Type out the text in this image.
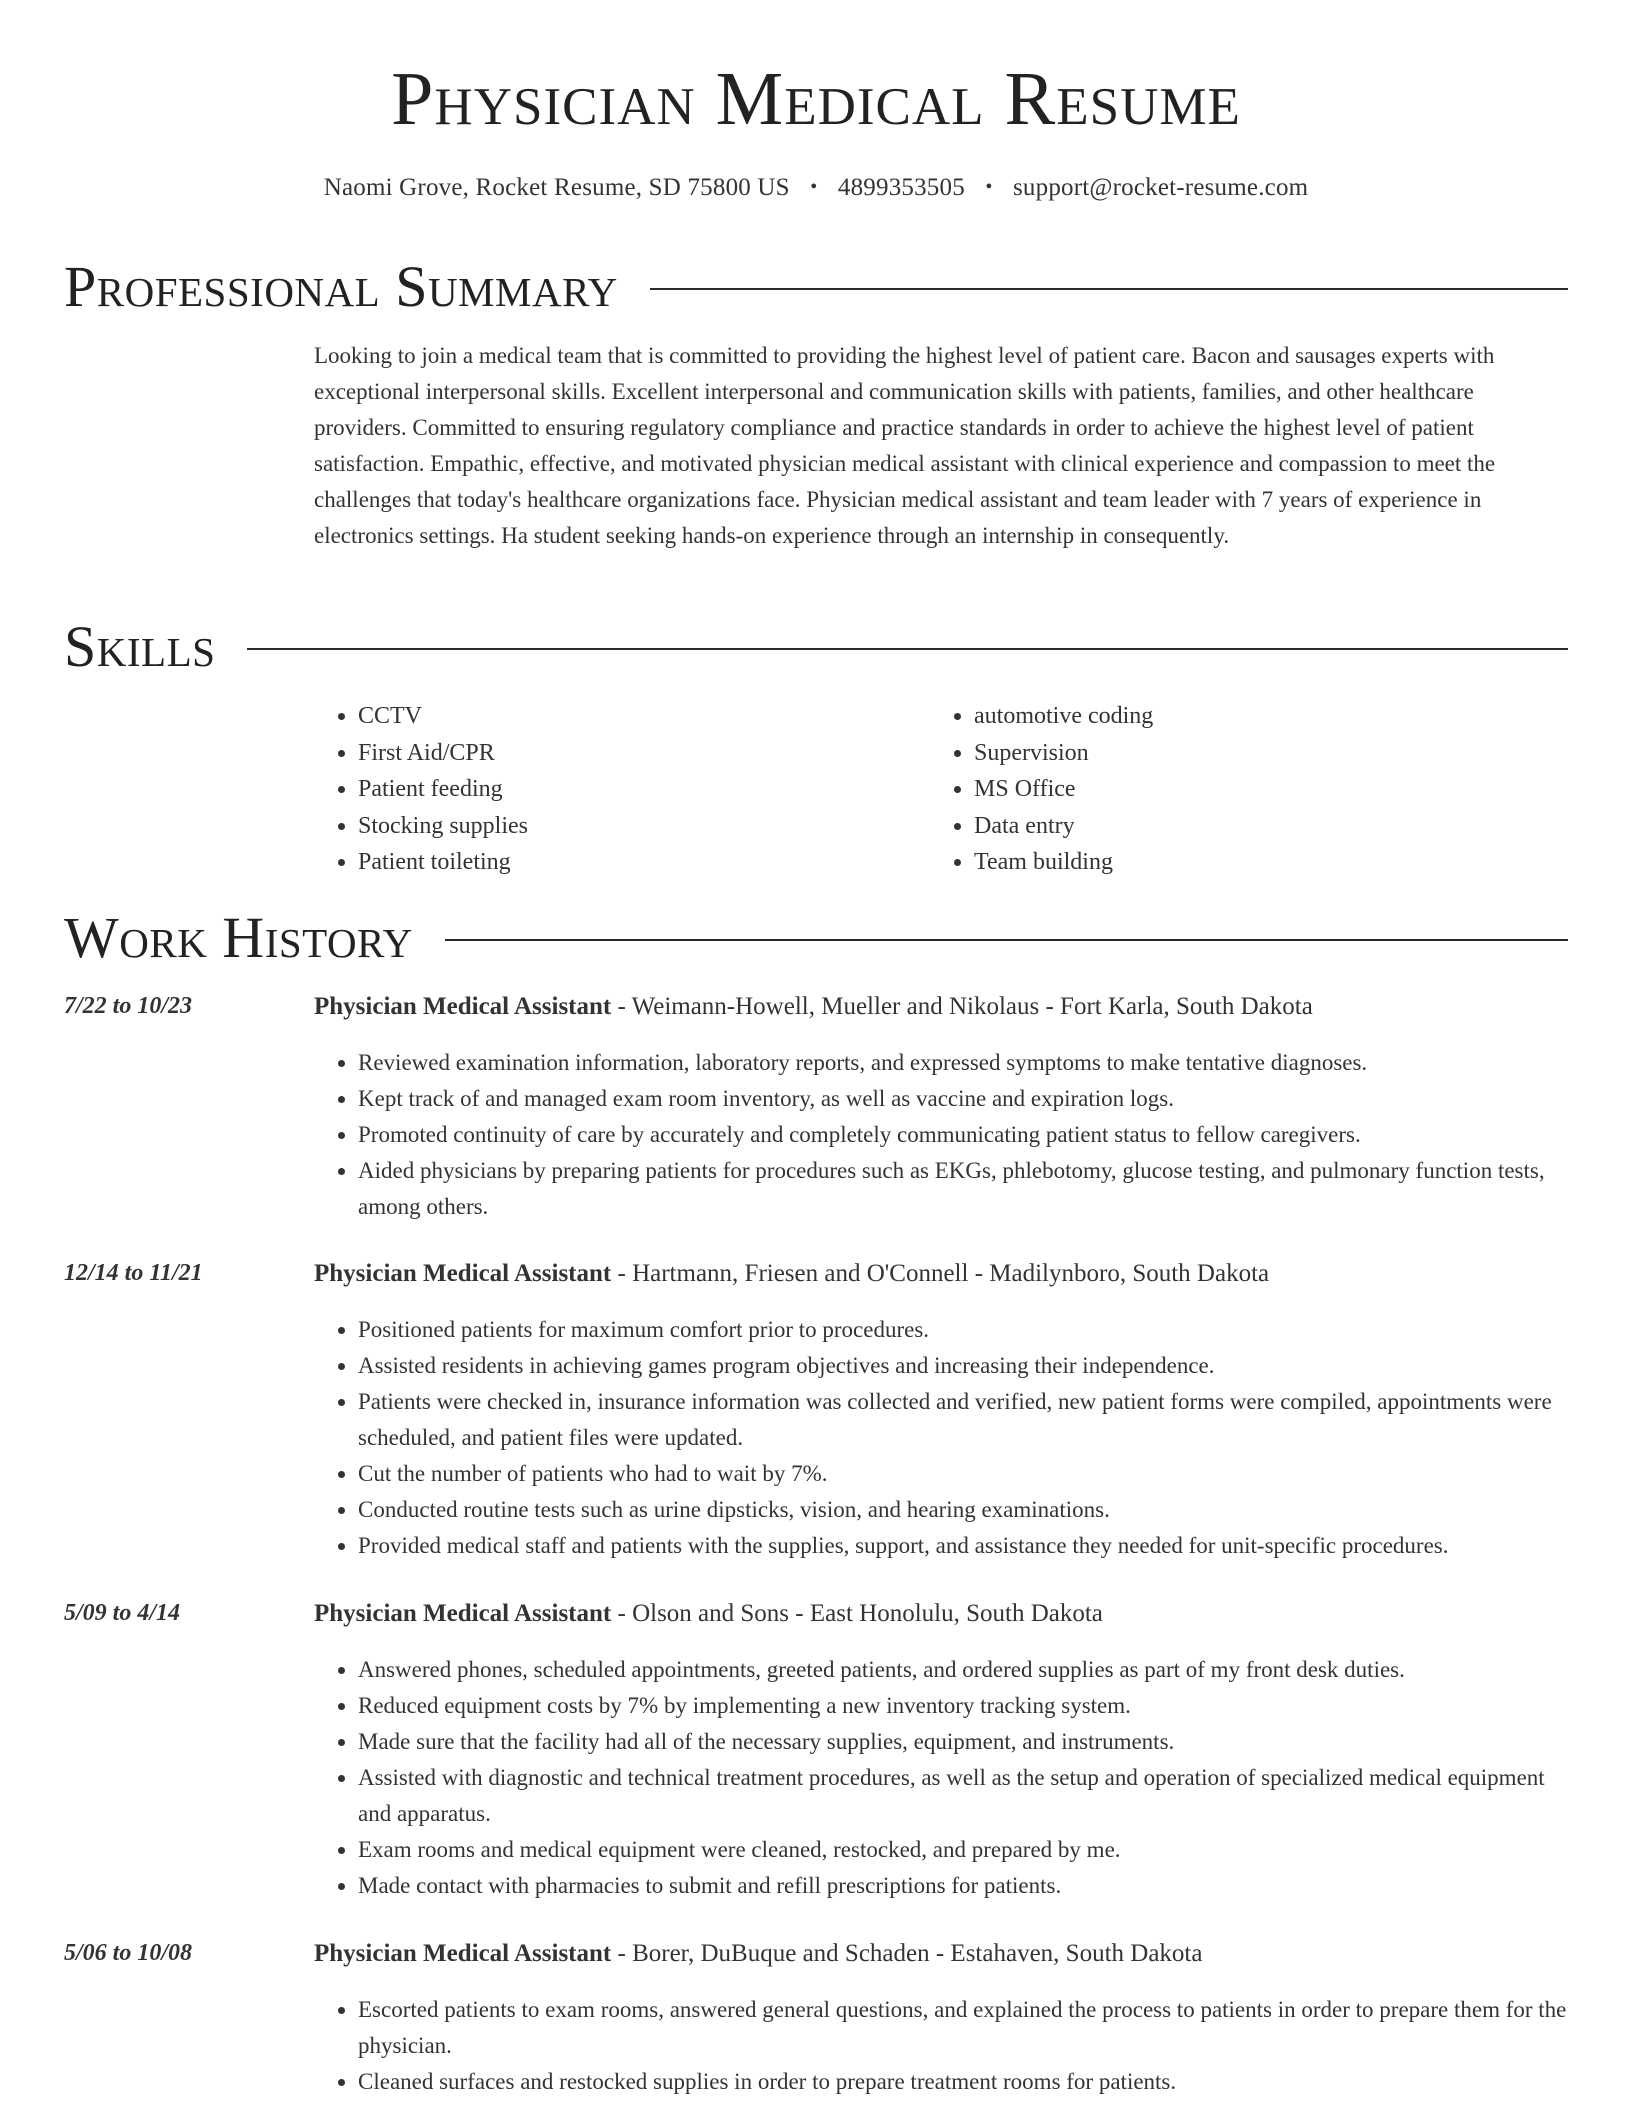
Physician Medical Resume
Naomi Grove, Rocket Resume, SD 75800 US • 4899353505 • support@rocket-resume.com
Professional Summary

Looking to join a medical team that is committed to providing the highest level of patient care. Bacon and sausages experts with exceptional interpersonal skills. Excellent interpersonal and communication skills with patients, families, and other healthcare providers. Committed to ensuring regulatory compliance and practice standards in order to achieve the highest level of patient satisfaction. Empathic, effective, and motivated physician medical assistant with clinical experience and compassion to meet the challenges that today's healthcare organizations face. Physician medical assistant and team leader with 7 years of experience in electronics settings. Ha student seeking hands-on experience through an internship in consequently.

Skills
• CCTV
• First Aid/CPR
• Patient feeding
• Stocking supplies
• Patient toileting
• automotive coding
• Supervision
• MS Office
• Data entry
• Team building
Work History
7/22 to 10/23	Physician Medical Assistant - Weimann-Howell, Mueller and Nikolaus - Fort Karla, South Dakota
• Reviewed examination information, laboratory reports, and expressed symptoms to make tentative diagnoses.
• Kept track of and managed exam room inventory, as well as vaccine and expiration logs.
• Promoted continuity of care by accurately and completely communicating patient status to fellow caregivers.
• Aided physicians by preparing patients for procedures such as EKGs, phlebotomy, glucose testing, and pulmonary function tests, among others.
12/14 to 11/21	Physician Medical Assistant - Hartmann, Friesen and O'Connell - Madilynboro, South Dakota
• Positioned patients for maximum comfort prior to procedures.
• Assisted residents in achieving games program objectives and increasing their independence.
• Patients were checked in, insurance information was collected and verified, new patient forms were compiled, appointments were scheduled, and patient files were updated.
• Cut the number of patients who had to wait by 7%.
• Conducted routine tests such as urine dipsticks, vision, and hearing examinations.
• Provided medical staff and patients with the supplies, support, and assistance they needed for unit-specific procedures.
5/09 to 4/14	Physician Medical Assistant - Olson and Sons - East Honolulu, South Dakota
• Answered phones, scheduled appointments, greeted patients, and ordered supplies as part of my front desk duties.
• Reduced equipment costs by 7% by implementing a new inventory tracking system.
• Made sure that the facility had all of the necessary supplies, equipment, and instruments.
• Assisted with diagnostic and technical treatment procedures, as well as the setup and operation of specialized medical equipment and apparatus.
• Exam rooms and medical equipment were cleaned, restocked, and prepared by me.
• Made contact with pharmacies to submit and refill prescriptions for patients.
5/06 to 10/08	Physician Medical Assistant - Borer, DuBuque and Schaden - Estahaven, South Dakota
• Escorted patients to exam rooms, answered general questions, and explained the process to patients in order to prepare them for the physician.
• Cleaned surfaces and restocked supplies in order to prepare treatment rooms for patients.
